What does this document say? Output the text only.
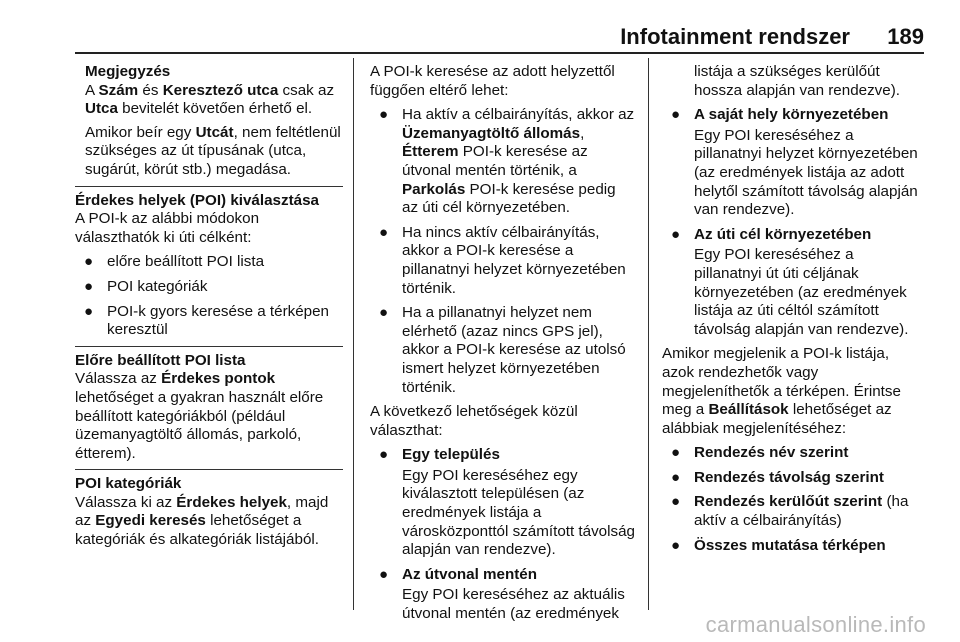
Infotainment rendszer 189
Megjegyzés

A Szám és Keresztező utca csak az Utca bevitelét követően érhető el.

Amikor beír egy Utcát, nem feltétlenül szükséges az út típusának (utca, sugárút, körút stb.) megadása.

Érdekes helyek (POI) kiválasztása

A POI-k az alábbi módokon választhatók ki úti célként:

● előre beállított POI lista
● POI kategóriák
● POI-k gyors keresése a térképen keresztül
Előre beállított POI lista

Válassza az Érdekes pontok lehetőséget a gyakran használt előre beállított kategóriákból (például üzemanyagtöltő állomás, parkoló, étterem).

POI kategóriák

Válassza ki az Érdekes helyek, majd az Egyedi keresés lehetőséget a kategóriák és alkategóriák listájából.

A POI-k keresése az adott helyzettől függően eltérő lehet:

● Ha aktív a célbairányítás, akkor az Üzemanyagtöltő állomás, Étterem POI-k keresése az útvonal mentén történik, a Parkolás POI-k keresése pedig az úti cél környezetében.
● Ha nincs aktív célbairányítás, akkor a POI-k keresése a pillanatnyi helyzet környezetében történik.
● Ha a pillanatnyi helyzet nem elérhető (azaz nincs GPS jel), akkor a POI-k keresése az utolsó ismert helyzet környezetében történik.

A következő lehetőségek közül választhat:

● Egy település
Egy POI kereséséhez egy kiválasztott településen (az eredmények listája a városközponttól számított távolság alapján van rendezve).
● Az útvonal mentén
Egy POI kereséséhez az aktuális útvonal mentén (az eredmények

listája a szükséges kerülőút hossza alapján van rendezve).

● A saját hely környezetében
Egy POI kereséséhez a pillanatnyi helyzet környezetében (az eredmények listája az adott helytől számított távolság alapján van rendezve).
● Az úti cél környezetében
Egy POI kereséséhez a pillanatnyi út úti céljának környezetében (az eredmények listája az úti céltól számított távolság alapján van rendezve).

Amikor megjelenik a POI-k listája, azok rendezhetők vagy megjeleníthetők a térképen. Érintse meg a Beállítások lehetőséget az alábbiak megjelenítéséhez:

● Rendezés név szerint
● Rendezés távolság szerint
● Rendezés kerülőút szerint (ha aktív a célbairányítás)
● Összes mutatása térképen
carmanualsonline.info
